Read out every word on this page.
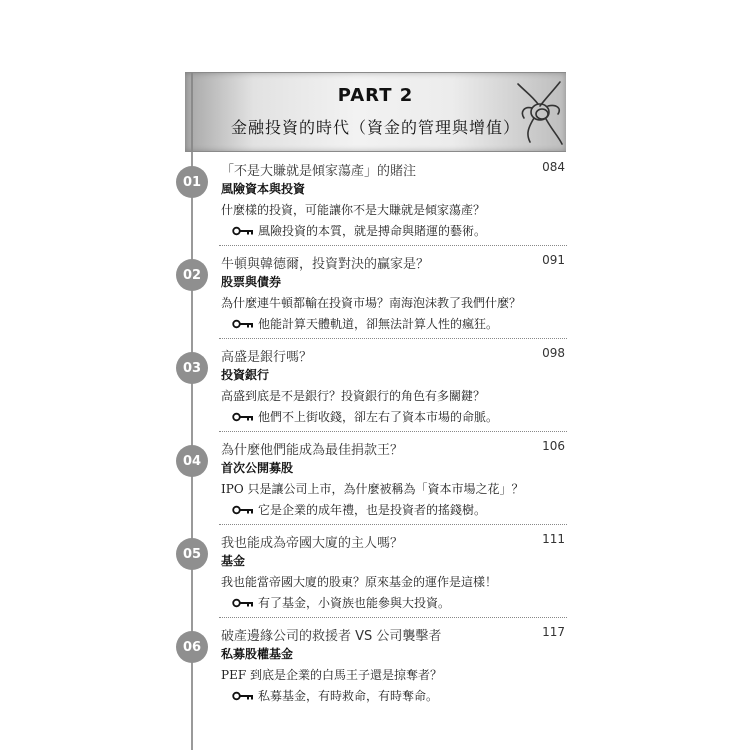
PART 2
金融投資的時代（資金的管理與增值）
01
「不是大賺就是傾家蕩產」的賭注	084
風險資本與投資
什麼樣的投資，可能讓你不是大賺就是傾家蕩產？
風險投資的本質，就是搏命與賭運的藝術。
02
牛頓與韓德爾，投資對決的贏家是？	091
股票與債券
為什麼連牛頓都輸在投資市場？南海泡沫教了我們什麼？
他能計算天體軌道，卻無法計算人性的瘋狂。
03
高盛是銀行嗎？	098
投資銀行
高盛到底是不是銀行？投資銀行的角色有多關鍵？
他們不上街收錢，卻左右了資本市場的命脈。
04
為什麼他們能成為最佳捐款王？	106
首次公開募股
IPO 只是讓公司上市，為什麼被稱為「資本市場之花」？
它是企業的成年禮，也是投資者的搖錢樹。
05
我也能成為帝國大廈的主人嗎？	111
基金
我也能當帝國大廈的股東？原來基金的運作是這樣！
有了基金，小資族也能參與大投資。
06
破產邊緣公司的救援者 VS 公司襲擊者	117
私募股權基金
PEF 到底是企業的白馬王子還是掠奪者？
私募基金，有時救命，有時奪命。
